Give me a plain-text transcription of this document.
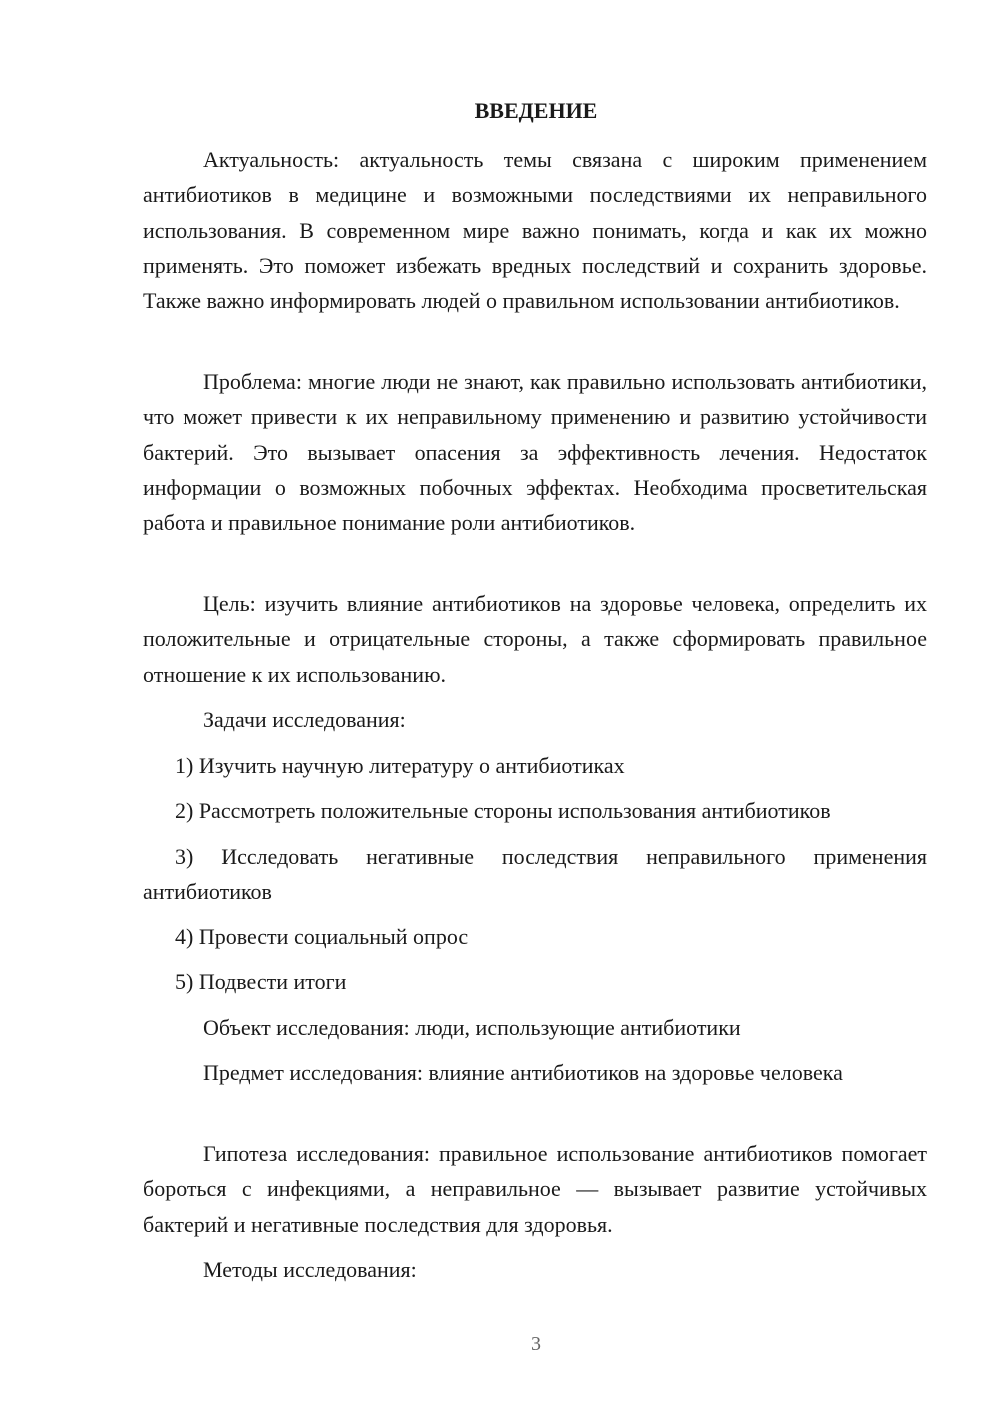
ВВЕДЕНИЕ

Актуальность: актуальность темы связана с широким применением антибиотиков в медицине и возможными последствиями их неправильного использования. В современном мире важно понимать, когда и как их можно применять. Это поможет избежать вредных последствий и сохранить здоровье. Также важно информировать людей о правильном использовании антибиотиков.

Проблема: многие люди не знают, как правильно использовать антибиотики, что может привести к их неправильному применению и развитию устойчивости бактерий. Это вызывает опасения за эффективность лечения. Недостаток информации о возможных побочных эффектах. Необходима просветительская работа и правильное понимание роли антибиотиков.

Цель: изучить влияние антибиотиков на здоровье человека, определить их положительные и отрицательные стороны, а также сформировать правильное отношение к их использованию.

Задачи исследования:

1) Изучить научную литературу о антибиотиках

2) Рассмотреть положительные стороны использования антибиотиков

3) Исследовать негативные последствия неправильного применения антибиотиков

4) Провести социальный опрос

5) Подвести итоги

Объект исследования: люди, использующие антибиотики

Предмет исследования: влияние антибиотиков на здоровье человека

Гипотеза исследования: правильное использование антибиотиков помогает бороться с инфекциями, а неправильное — вызывает развитие устойчивых бактерий и негативные последствия для здоровья.

Методы исследования:

3
